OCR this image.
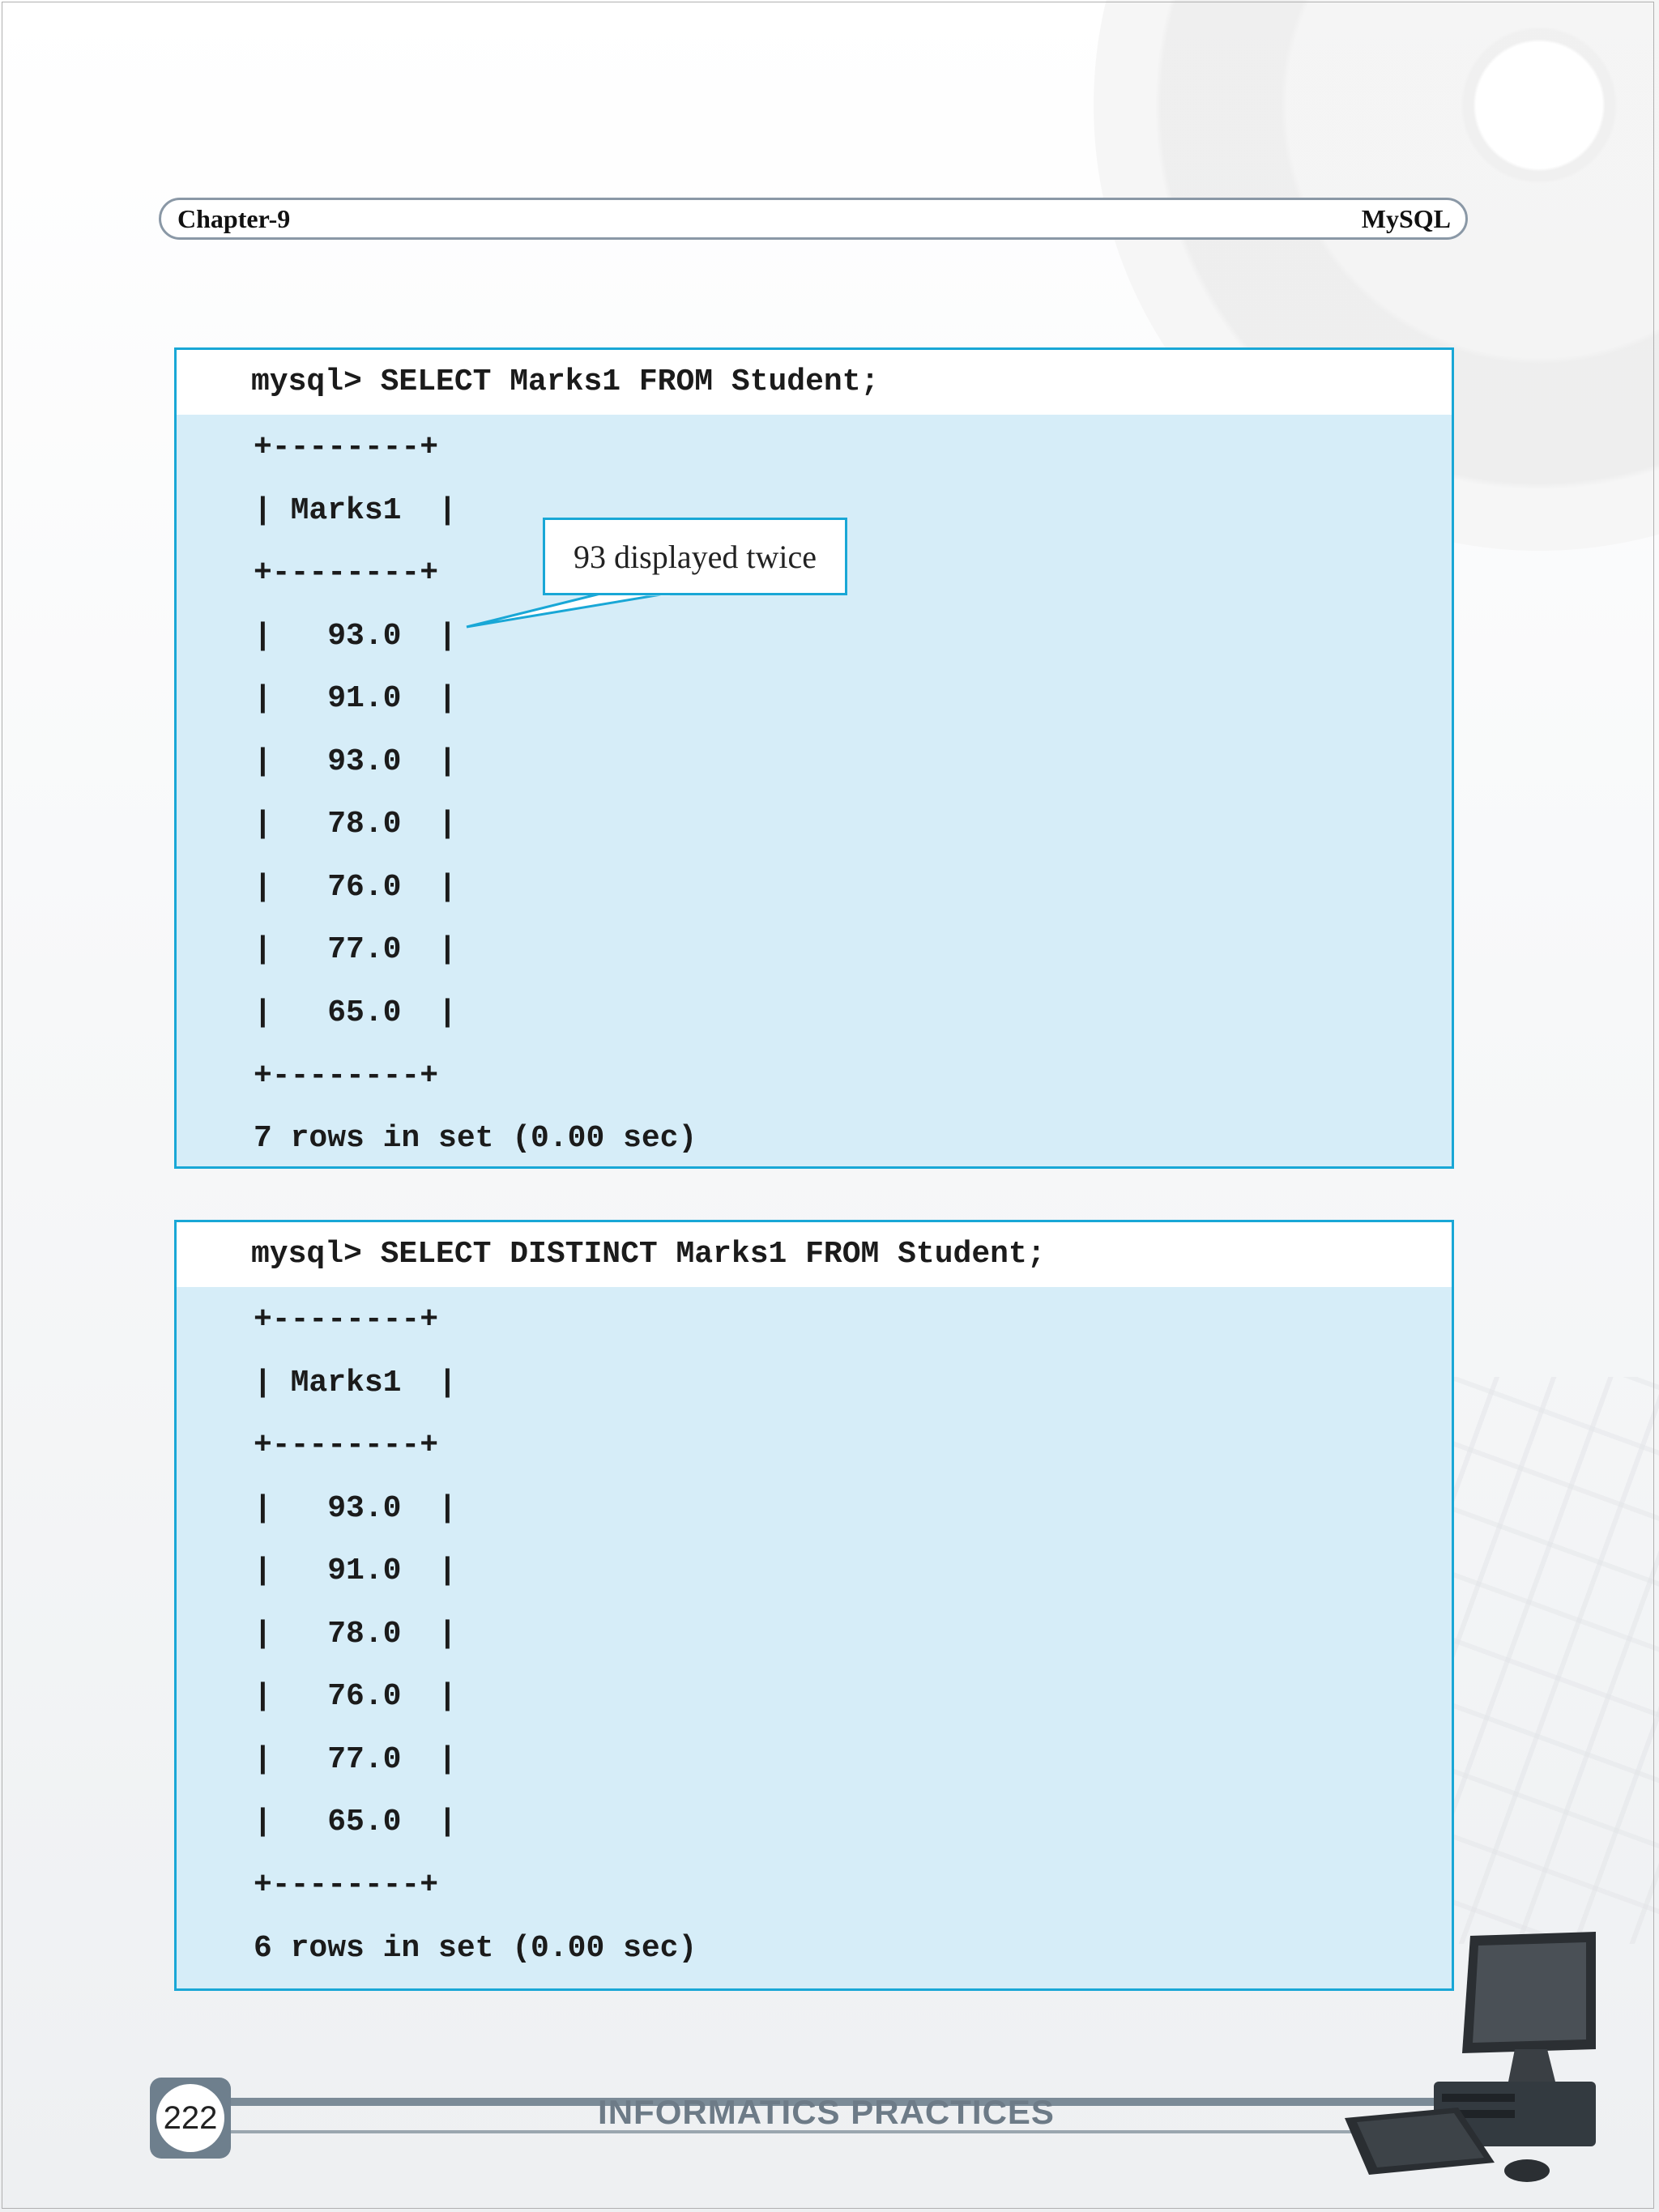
Chapter-9	MySQL
mysql> SELECT Marks1 FROM Student;
+--------+
| Marks1  |
+--------+
|   93.0  |
|   91.0  |
|   93.0  |
|   78.0  |
|   76.0  |
|   77.0  |
|   65.0  |
+--------+
7 rows in set (0.00 sec)
93 displayed twice
mysql> SELECT DISTINCT Marks1 FROM Student;
+--------+
| Marks1  |
+--------+
|   93.0  |
|   91.0  |
|   78.0  |
|   76.0  |
|   77.0  |
|   65.0  |
+--------+
6 rows in set (0.00 sec)
222	INFORMATICS PRACTICES
